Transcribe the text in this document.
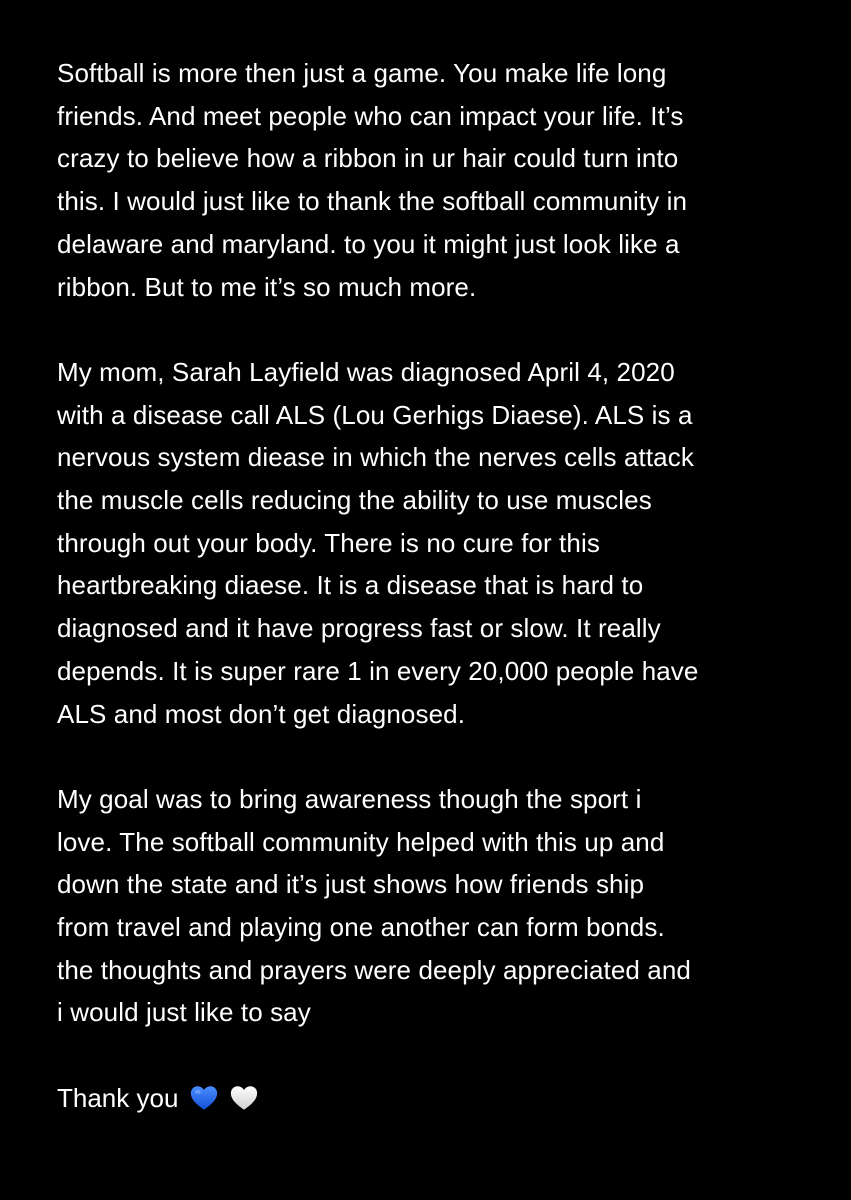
Softball is more then just a game. You make life long
friends. And meet people who can impact your life. It’s
crazy to believe how a ribbon in ur hair could turn into
this. I would just like to thank the softball community in
delaware and maryland. to you it might just look like a
ribbon. But to me it’s so much more.
My mom, Sarah Layfield was diagnosed April 4, 2020
with a disease call ALS (Lou Gerhigs Diaese). ALS is a
nervous system diease in which the nerves cells attack
the muscle cells reducing the ability to use muscles
through out your body. There is no cure for this
heartbreaking diaese. It is a disease that is hard to
diagnosed and it have progress fast or slow. It really
depends. It is super rare 1 in every 20,000 people have
ALS and most don’t get diagnosed.
My goal was to bring awareness though the sport i
love. The softball community helped with this up and
down the state and it’s just shows how friends ship
from travel and playing one another can form bonds.
the thoughts and prayers were deeply appreciated and
i would just like to say

Thank you
